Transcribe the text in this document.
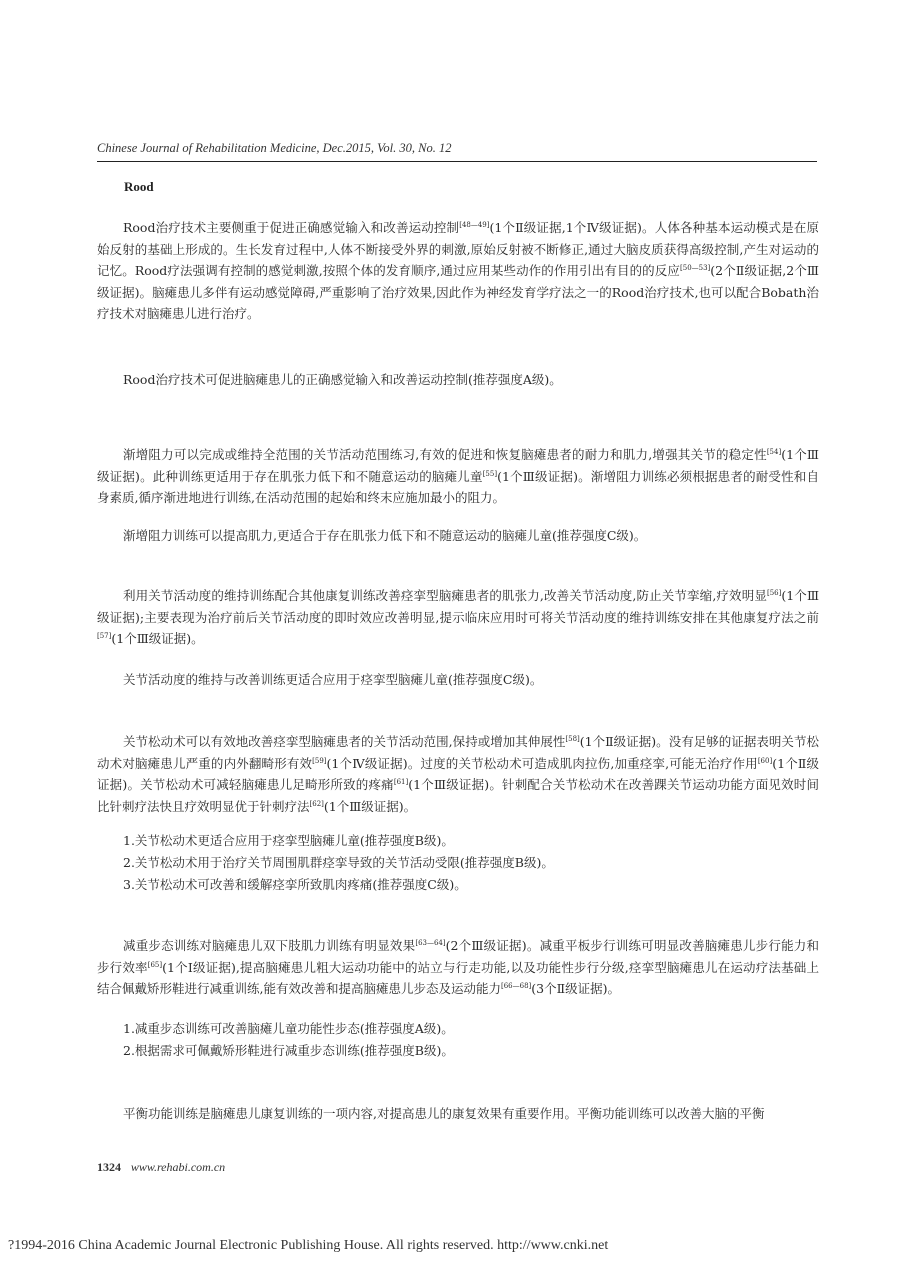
Chinese Journal of Rehabilitation Medicine, Dec.2015, Vol. 30, No. 12
Rood

Rood治疗技术主要侧重于促进正确感觉输入和改善运动控制[48—49](1个Ⅱ级证据,1个Ⅳ级证据)。人体各种基本运动模式是在原始反射的基础上形成的。生长发育过程中,人体不断接受外界的刺激,原始反射被不断修正,通过大脑皮质获得高级控制,产生对运动的记忆。Rood疗法强调有控制的感觉刺激,按照个体的发育顺序,通过应用某些动作的作用引出有目的的反应[50—53](2个Ⅱ级证据,2个Ⅲ级证据)。脑瘫患儿多伴有运动感觉障碍,严重影响了治疗效果,因此作为神经发育学疗法之一的Rood治疗技术,也可以配合Bobath治疗技术对脑瘫患儿进行治疗。

Rood治疗技术可促进脑瘫患儿的正确感觉输入和改善运动控制(推荐强度A级)。

渐增阻力可以完成或维持全范围的关节活动范围练习,有效的促进和恢复脑瘫患者的耐力和肌力,增强其关节的稳定性[54](1个Ⅲ级证据)。此种训练更适用于存在肌张力低下和不随意运动的脑瘫儿童[55](1个Ⅲ级证据)。渐增阻力训练必须根据患者的耐受性和自身素质,循序渐进地进行训练,在活动范围的起始和终末应施加最小的阻力。

渐增阻力训练可以提高肌力,更适合于存在肌张力低下和不随意运动的脑瘫儿童(推荐强度C级)。

利用关节活动度的维持训练配合其他康复训练改善痉挛型脑瘫患者的肌张力,改善关节活动度,防止关节挛缩,疗效明显[56](1个Ⅲ级证据);主要表现为治疗前后关节活动度的即时效应改善明显,提示临床应用时可将关节活动度的维持训练安排在其他康复疗法之前[57](1个Ⅲ级证据)。

关节活动度的维持与改善训练更适合应用于痉挛型脑瘫儿童(推荐强度C级)。

关节松动术可以有效地改善痉挛型脑瘫患者的关节活动范围,保持或增加其伸展性[58](1个Ⅱ级证据)。没有足够的证据表明关节松动术对脑瘫患儿严重的内外翻畸形有效[59](1个Ⅳ级证据)。过度的关节松动术可造成肌肉拉伤,加重痉挛,可能无治疗作用[60](1个Ⅱ级证据)。关节松动术可减轻脑瘫患儿足畸形所致的疼痛[61](1个Ⅲ级证据)。针刺配合关节松动术在改善踝关节运动功能方面见效时间比针刺疗法快且疗效明显优于针刺疗法[62](1个Ⅲ级证据)。

1.关节松动术更适合应用于痉挛型脑瘫儿童(推荐强度B级)。

2.关节松动术用于治疗关节周围肌群痉挛导致的关节活动受限(推荐强度B级)。

3.关节松动术可改善和缓解痉挛所致肌肉疼痛(推荐强度C级)。

减重步态训练对脑瘫患儿双下肢肌力训练有明显效果[63—64](2个Ⅲ级证据)。减重平板步行训练可明显改善脑瘫患儿步行能力和步行效率[65](1个Ⅰ级证据),提高脑瘫患儿粗大运动功能中的站立与行走功能,以及功能性步行分级,痉挛型脑瘫患儿在运动疗法基础上结合佩戴矫形鞋进行减重训练,能有效改善和提高脑瘫患儿步态及运动能力[66—68](3个Ⅱ级证据)。

1.减重步态训练可改善脑瘫儿童功能性步态(推荐强度A级)。

2.根据需求可佩戴矫形鞋进行减重步态训练(推荐强度B级)。

平衡功能训练是脑瘫患儿康复训练的一项内容,对提高患儿的康复效果有重要作用。平衡功能训练可以改善大脑的平衡

1324 www.rehabi.com.cn
?1994-2016 China Academic Journal Electronic Publishing House. All rights reserved. http://www.cnki.net
